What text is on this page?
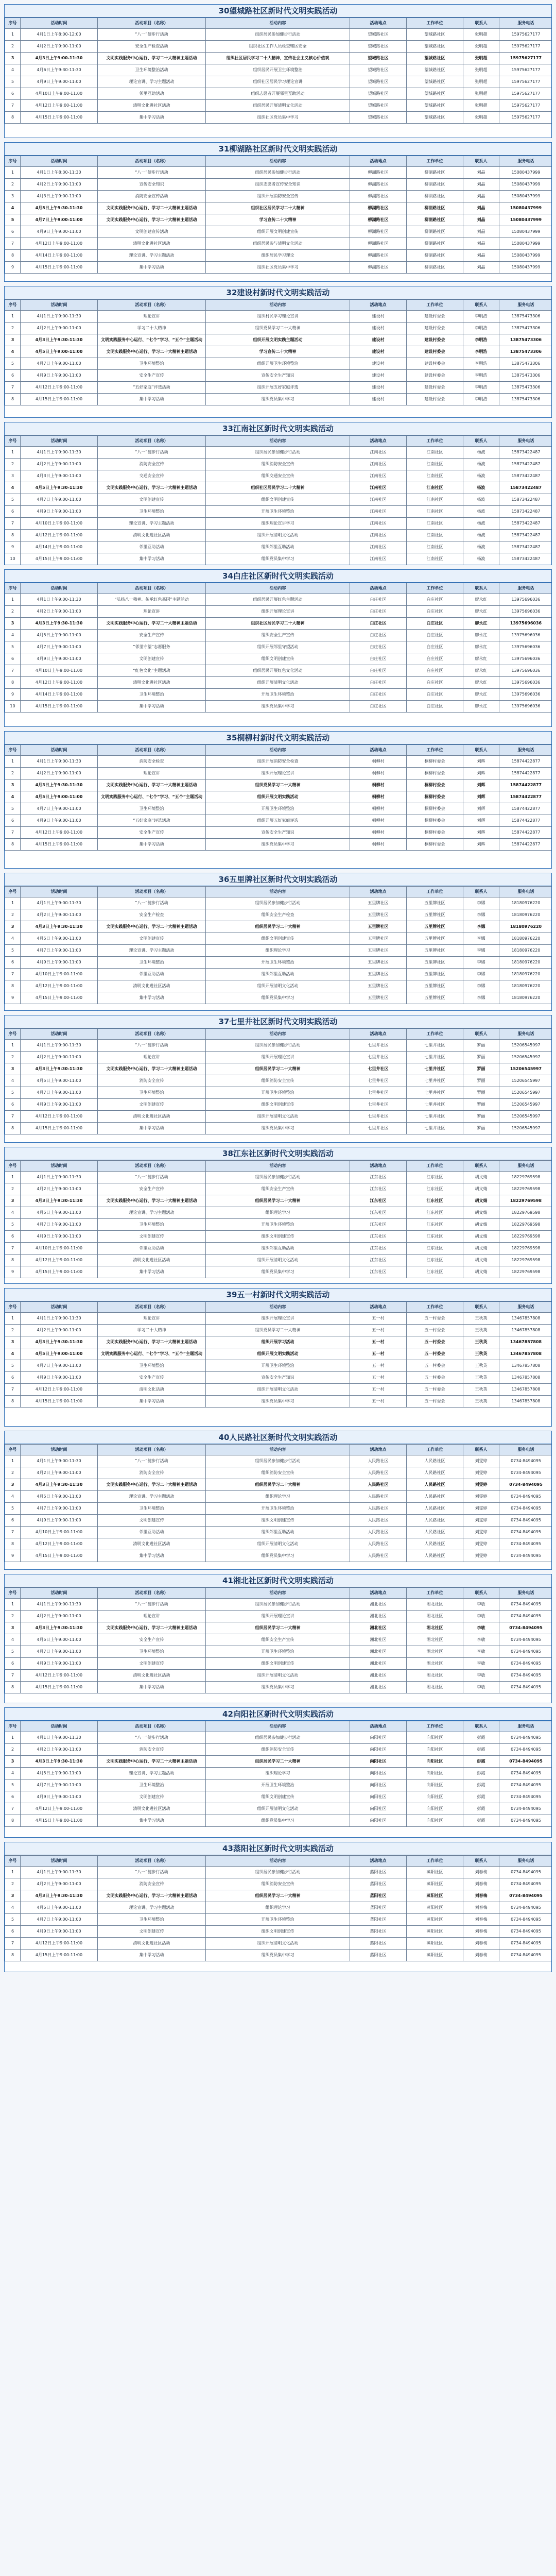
30望城路社区新时代文明实践活动
序号	活动时间	活动项目（名称）	活动内容	活动地点	工作单位	联系人	服务电话
1	4月1日上午8:00-12:00	“八一”健步行活动	组织居民参加健步行活动	望城路社区	望城路社区	张明超	15975627177
2	4月2日上午9:00-11:00	安全生产检查活动	组织社区工作人员检查辖区安全	望城路社区	望城路社区	张明超	15975627177
3	4月3日上午9:00-11:30	文明实践服务中心运行、学习二十大精神主题活动	组织社区居民学习二十大精神，宣传社会主义核心价值观	望城路社区	望城路社区	张明超	15975627177
4	4月6日上午9:30-11:30	卫生环境整治活动	组织居民开展卫生环境整治	望城路社区	望城路社区	张明超	15975627177
5	4月9日上午9:00-11:00	理论宣讲、学习主题活动	组织社区居民学习理论宣讲	望城路社区	望城路社区	张明超	15975627177
6	4月10日上午9:00-11:00	邻里互助活动	组织志愿者开展邻里互助活动	望城路社区	望城路社区	张明超	15975627177
7	4月12日上午9:00-11:00	清明文化进社区活动	组织居民开展清明文化活动	望城路社区	望城路社区	张明超	15975627177
8	4月15日上午9:00-11:00	集中学习活动	组织社区党员集中学习	望城路社区	望城路社区	张明超	15975627177
31柳湖路社区新时代文明实践活动
序号	活动时间	活动项目（名称）	活动内容	活动地点	工作单位	联系人	服务电话
1	4月1日上午8:30-11:30	“八一”健步行活动	组织居民参加健步行活动	柳湖路社区	柳湖路社区	刘晶	15080437999
2	4月2日上午9:00-11:00	宣传安全知识	组织志愿者宣传安全知识	柳湖路社区	柳湖路社区	刘晶	15080437999
3	4月3日上午9:00-11:00	消防安全宣传活动	组织开展消防安全宣传	柳湖路社区	柳湖路社区	刘晶	15080437999
4	4月5日上午9:30-11:30	文明实践服务中心运行、学习二十大精神主题活动	组织社区居民学习二十大精神	柳湖路社区	柳湖路社区	刘晶	15080437999
5	4月7日上午9:00-11:00	文明实践服务中心运行、学习二十大精神主题活动	学习宣传二十大精神	柳湖路社区	柳湖路社区	刘晶	15080437999
6	4月9日上午9:00-11:00	文明创建宣传活动	组织开展文明创建宣传	柳湖路社区	柳湖路社区	刘晶	15080437999
7	4月12日上午9:00-11:00	清明文化进社区活动	组织居民参与清明文化活动	柳湖路社区	柳湖路社区	刘晶	15080437999
8	4月14日上午9:00-11:00	理论宣讲、学习主题活动	组织居民学习理论	柳湖路社区	柳湖路社区	刘晶	15080437999
9	4月15日上午9:00-11:00	集中学习活动	组织社区党员集中学习	柳湖路社区	柳湖路社区	刘晶	15080437999
32建设村新时代文明实践活动
序号	活动时间	活动项目（名称）	活动内容	活动地点	工作单位	联系人	服务电话
1	4月1日上午9:00-11:30	理论宣讲	组织村民学习理论宣讲	建设村	建设村委会	李明浩	13875473306
2	4月2日上午9:00-11:00	学习二十大精神	组织党员学习二十大精神	建设村	建设村委会	李明浩	13875473306
3	4月3日上午9:30-11:30	文明实践服务中心运行、“七个”学习、“五个”主题活动	组织开展文明实践主题活动	建设村	建设村委会	李明浩	13875473306
4	4月5日上午9:00-11:00	文明实践服务中心运行、学习二十大精神主题活动	学习宣传二十大精神	建设村	建设村委会	李明浩	13875473306
5	4月7日上午9:00-11:00	卫生环境整治	组织开展卫生环境整治	建设村	建设村委会	李明浩	13875473306
6	4月9日上午9:00-11:00	安全生产宣传	宣传安全生产知识	建设村	建设村委会	李明浩	13875473306
7	4月12日上午9:00-11:00	“五好家庭”评选活动	组织开展五好家庭评选	建设村	建设村委会	李明浩	13875473306
8	4月15日上午9:00-11:00	集中学习活动	组织党员集中学习	建设村	建设村委会	李明浩	13875473306
33江南社区新时代文明实践活动
序号	活动时间	活动项目（名称）	活动内容	活动地点	工作单位	联系人	服务电话
1	4月1日上午9:00-11:30	“八一”健步行活动	组织居民参加健步行活动	江南社区	江南社区	杨波	15873422487
2	4月2日上午9:00-11:00	消防安全宣传	组织消防安全宣传	江南社区	江南社区	杨波	15873422487
3	4月3日上午9:00-11:00	交通安全宣传	组织交通安全宣传	江南社区	江南社区	杨波	15873422487
4	4月5日上午9:30-11:30	文明实践服务中心运行、学习二十大精神主题活动	组织社区居民学习二十大精神	江南社区	江南社区	杨波	15873422487
5	4月7日上午9:00-11:00	文明创建宣传	组织文明创建宣传	江南社区	江南社区	杨波	15873422487
6	4月9日上午9:00-11:00	卫生环境整治	开展卫生环境整治	江南社区	江南社区	杨波	15873422487
7	4月10日上午9:00-11:00	理论宣讲、学习主题活动	组织理论宣讲学习	江南社区	江南社区	杨波	15873422487
8	4月12日上午9:00-11:00	清明文化进社区活动	组织开展清明文化活动	江南社区	江南社区	杨波	15873422487
9	4月14日上午9:00-11:00	邻里互助活动	组织邻里互助活动	江南社区	江南社区	杨波	15873422487
10	4月15日上午9:00-11:00	集中学习活动	组织党员集中学习	江南社区	江南社区	杨波	15873422487
34白庄社区新时代文明实践活动
序号	活动时间	活动项目（名称）	活动内容	活动地点	工作单位	联系人	服务电话
1	4月1日上午9:00-11:30	“弘扬八一精神、传承红色基因”主题活动	组织居民开展红色主题活动	白庄社区	白庄社区	廖永红	13975696036
2	4月2日上午9:00-11:00	理论宣讲	组织开展理论宣讲	白庄社区	白庄社区	廖永红	13975696036
3	4月3日上午9:30-11:30	文明实践服务中心运行、学习二十大精神主题活动	组织社区居民学习二十大精神	白庄社区	白庄社区	廖永红	13975696036
4	4月5日上午9:00-11:00	安全生产宣传	组织安全生产宣传	白庄社区	白庄社区	廖永红	13975696036
5	4月7日上午9:00-11:00	“邻里守望”志愿服务	组织开展邻里守望活动	白庄社区	白庄社区	廖永红	13975696036
6	4月9日上午9:00-11:00	文明创建宣传	组织文明创建宣传	白庄社区	白庄社区	廖永红	13975696036
7	4月10日上午9:00-11:00	“红色文化”主题活动	组织居民开展红色文化活动	白庄社区	白庄社区	廖永红	13975696036
8	4月12日上午9:00-11:00	清明文化进社区活动	组织开展清明文化活动	白庄社区	白庄社区	廖永红	13975696036
9	4月14日上午9:00-11:00	卫生环境整治	开展卫生环境整治	白庄社区	白庄社区	廖永红	13975696036
10	4月15日上午9:00-11:00	集中学习活动	组织党员集中学习	白庄社区	白庄社区	廖永红	13975696036
35桐柳村新时代文明实践活动
序号	活动时间	活动项目（名称）	活动内容	活动地点	工作单位	联系人	服务电话
1	4月1日上午9:00-11:30	消防安全检查	组织开展消防安全检查	桐柳村	桐柳村委会	刘辉	15874422877
2	4月2日上午9:00-11:00	理论宣讲	组织开展理论宣讲	桐柳村	桐柳村委会	刘辉	15874422877
3	4月3日上午9:30-11:30	文明实践服务中心运行、学习二十大精神主题活动	组织党员学习二十大精神	桐柳村	桐柳村委会	刘辉	15874422877
4	4月5日上午9:00-11:00	文明实践服务中心运行、“七个”学习、“五个”主题活动	组织开展文明实践活动	桐柳村	桐柳村委会	刘辉	15874422877
5	4月7日上午9:00-11:00	卫生环境整治	开展卫生环境整治	桐柳村	桐柳村委会	刘辉	15874422877
6	4月9日上午9:00-11:00	“五好家庭”评选活动	组织开展五好家庭评选	桐柳村	桐柳村委会	刘辉	15874422877
7	4月12日上午9:00-11:00	安全生产宣传	宣传安全生产知识	桐柳村	桐柳村委会	刘辉	15874422877
8	4月15日上午9:00-11:00	集中学习活动	组织党员集中学习	桐柳村	桐柳村委会	刘辉	15874422877
36五里牌社区新时代文明实践活动
序号	活动时间	活动项目（名称）	活动内容	活动地点	工作单位	联系人	服务电话
1	4月1日上午9:00-11:30	“八一”健步行活动	组织居民参加健步行活动	五里牌社区	五里牌社区	李娜	18180976220
2	4月2日上午9:00-11:00	安全生产检查	组织安全生产检查	五里牌社区	五里牌社区	李娜	18180976220
3	4月3日上午9:30-11:30	文明实践服务中心运行、学习二十大精神主题活动	组织居民学习二十大精神	五里牌社区	五里牌社区	李娜	18180976220
4	4月5日上午9:00-11:00	文明创建宣传	组织文明创建宣传	五里牌社区	五里牌社区	李娜	18180976220
5	4月7日上午9:00-11:00	理论宣讲、学习主题活动	组织理论学习	五里牌社区	五里牌社区	李娜	18180976220
6	4月9日上午9:00-11:00	卫生环境整治	开展卫生环境整治	五里牌社区	五里牌社区	李娜	18180976220
7	4月10日上午9:00-11:00	邻里互助活动	组织邻里互助活动	五里牌社区	五里牌社区	李娜	18180976220
8	4月12日上午9:00-11:00	清明文化进社区活动	组织开展清明文化活动	五里牌社区	五里牌社区	李娜	18180976220
9	4月15日上午9:00-11:00	集中学习活动	组织党员集中学习	五里牌社区	五里牌社区	李娜	18180976220
37七里井社区新时代文明实践活动
序号	活动时间	活动项目（名称）	活动内容	活动地点	工作单位	联系人	服务电话
1	4月1日上午9:00-11:30	“八一”健步行活动	组织居民参加健步行活动	七里井社区	七里井社区	罗丽	15206545997
2	4月2日上午9:00-11:00	理论宣讲	组织开展理论宣讲	七里井社区	七里井社区	罗丽	15206545997
3	4月3日上午9:30-11:30	文明实践服务中心运行、学习二十大精神主题活动	组织居民学习二十大精神	七里井社区	七里井社区	罗丽	15206545997
4	4月5日上午9:00-11:00	消防安全宣传	组织消防安全宣传	七里井社区	七里井社区	罗丽	15206545997
5	4月7日上午9:00-11:00	卫生环境整治	开展卫生环境整治	七里井社区	七里井社区	罗丽	15206545997
6	4月9日上午9:00-11:00	文明创建宣传	组织文明创建宣传	七里井社区	七里井社区	罗丽	15206545997
7	4月12日上午9:00-11:00	清明文化进社区活动	组织开展清明文化活动	七里井社区	七里井社区	罗丽	15206545997
8	4月15日上午9:00-11:00	集中学习活动	组织党员集中学习	七里井社区	七里井社区	罗丽	15206545997
38江东社区新时代文明实践活动
序号	活动时间	活动项目（名称）	活动内容	活动地点	工作单位	联系人	服务电话
1	4月1日上午9:00-11:30	“八一”健步行活动	组织居民参加健步行活动	江东社区	江东社区	胡文婧	18229769598
2	4月2日上午9:00-11:00	安全生产宣传	组织安全生产宣传	江东社区	江东社区	胡文婧	18229769598
3	4月3日上午9:30-11:30	文明实践服务中心运行、学习二十大精神主题活动	组织居民学习二十大精神	江东社区	江东社区	胡文婧	18229769598
4	4月5日上午9:00-11:00	理论宣讲、学习主题活动	组织理论学习	江东社区	江东社区	胡文婧	18229769598
5	4月7日上午9:00-11:00	卫生环境整治	开展卫生环境整治	江东社区	江东社区	胡文婧	18229769598
6	4月9日上午9:00-11:00	文明创建宣传	组织文明创建宣传	江东社区	江东社区	胡文婧	18229769598
7	4月10日上午9:00-11:00	邻里互助活动	组织邻里互助活动	江东社区	江东社区	胡文婧	18229769598
8	4月12日上午9:00-11:00	清明文化进社区活动	组织开展清明文化活动	江东社区	江东社区	胡文婧	18229769598
9	4月15日上午9:00-11:00	集中学习活动	组织党员集中学习	江东社区	江东社区	胡文婧	18229769598
39五一村新时代文明实践活动
序号	活动时间	活动项目（名称）	活动内容	活动地点	工作单位	联系人	服务电话
1	4月1日上午9:00-11:30	理论宣讲	组织开展理论宣讲	五一村	五一村委会	王秋英	13467857808
2	4月2日上午9:00-11:00	学习二十大精神	组织党员学习二十大精神	五一村	五一村委会	王秋英	13467857808
3	4月3日上午9:30-11:30	文明实践服务中心运行、学习二十大精神主题活动	组织开展学习活动	五一村	五一村委会	王秋英	13467857808
4	4月5日上午9:00-11:00	文明实践服务中心运行、“七个”学习、“五个”主题活动	组织开展文明实践活动	五一村	五一村委会	王秋英	13467857808
5	4月7日上午9:00-11:00	卫生环境整治	开展卫生环境整治	五一村	五一村委会	王秋英	13467857808
6	4月9日上午9:00-11:00	安全生产宣传	宣传安全生产知识	五一村	五一村委会	王秋英	13467857808
7	4月12日上午9:00-11:00	清明文化活动	组织开展清明文化活动	五一村	五一村委会	王秋英	13467857808
8	4月15日上午9:00-11:00	集中学习活动	组织党员集中学习	五一村	五一村委会	王秋英	13467857808
40人民路社区新时代文明实践活动
序号	活动时间	活动项目（名称）	活动内容	活动地点	工作单位	联系人	服务电话
1	4月1日上午9:00-11:30	“八一”健步行活动	组织居民参加健步行活动	人民路社区	人民路社区	刘雯婷	0734-8494095
2	4月2日上午9:00-11:00	消防安全宣传	组织消防安全宣传	人民路社区	人民路社区	刘雯婷	0734-8494095
3	4月3日上午9:30-11:30	文明实践服务中心运行、学习二十大精神主题活动	组织居民学习二十大精神	人民路社区	人民路社区	刘雯婷	0734-8494095
4	4月5日上午9:00-11:00	理论宣讲、学习主题活动	组织理论学习	人民路社区	人民路社区	刘雯婷	0734-8494095
5	4月7日上午9:00-11:00	卫生环境整治	开展卫生环境整治	人民路社区	人民路社区	刘雯婷	0734-8494095
6	4月9日上午9:00-11:00	文明创建宣传	组织文明创建宣传	人民路社区	人民路社区	刘雯婷	0734-8494095
7	4月10日上午9:00-11:00	邻里互助活动	组织邻里互助活动	人民路社区	人民路社区	刘雯婷	0734-8494095
8	4月12日上午9:00-11:00	清明文化进社区活动	组织开展清明文化活动	人民路社区	人民路社区	刘雯婷	0734-8494095
9	4月15日上午9:00-11:00	集中学习活动	组织党员集中学习	人民路社区	人民路社区	刘雯婷	0734-8494095
41湘北社区新时代文明实践活动
序号	活动时间	活动项目（名称）	活动内容	活动地点	工作单位	联系人	服务电话
1	4月1日上午9:00-11:30	“八一”健步行活动	组织居民参加健步行活动	湘北社区	湘北社区	李敏	0734-8494095
2	4月2日上午9:00-11:00	理论宣讲	组织开展理论宣讲	湘北社区	湘北社区	李敏	0734-8494095
3	4月3日上午9:30-11:30	文明实践服务中心运行、学习二十大精神主题活动	组织居民学习二十大精神	湘北社区	湘北社区	李敏	0734-8494095
4	4月5日上午9:00-11:00	安全生产宣传	组织安全生产宣传	湘北社区	湘北社区	李敏	0734-8494095
5	4月7日上午9:00-11:00	卫生环境整治	开展卫生环境整治	湘北社区	湘北社区	李敏	0734-8494095
6	4月9日上午9:00-11:00	文明创建宣传	组织文明创建宣传	湘北社区	湘北社区	李敏	0734-8494095
7	4月12日上午9:00-11:00	清明文化进社区活动	组织开展清明文化活动	湘北社区	湘北社区	李敏	0734-8494095
8	4月15日上午9:00-11:00	集中学习活动	组织党员集中学习	湘北社区	湘北社区	李敏	0734-8494095
42向阳社区新时代文明实践活动
序号	活动时间	活动项目（名称）	活动内容	活动地点	工作单位	联系人	服务电话
1	4月1日上午9:00-11:30	“八一”健步行活动	组织居民参加健步行活动	向阳社区	向阳社区	彭霞	0734-8494095
2	4月2日上午9:00-11:00	消防安全宣传	组织消防安全宣传	向阳社区	向阳社区	彭霞	0734-8494095
3	4月3日上午9:30-11:30	文明实践服务中心运行、学习二十大精神主题活动	组织居民学习二十大精神	向阳社区	向阳社区	彭霞	0734-8494095
4	4月5日上午9:00-11:00	理论宣讲、学习主题活动	组织理论学习	向阳社区	向阳社区	彭霞	0734-8494095
5	4月7日上午9:00-11:00	卫生环境整治	开展卫生环境整治	向阳社区	向阳社区	彭霞	0734-8494095
6	4月9日上午9:00-11:00	文明创建宣传	组织文明创建宣传	向阳社区	向阳社区	彭霞	0734-8494095
7	4月12日上午9:00-11:00	清明文化进社区活动	组织开展清明文化活动	向阳社区	向阳社区	彭霞	0734-8494095
8	4月15日上午9:00-11:00	集中学习活动	组织党员集中学习	向阳社区	向阳社区	彭霞	0734-8494095
43蒸阳社区新时代文明实践活动
序号	活动时间	活动项目（名称）	活动内容	活动地点	工作单位	联系人	服务电话
1	4月1日上午9:00-11:30	“八一”健步行活动	组织居民参加健步行活动	蒸阳社区	蒸阳社区	刘春梅	0734-8494095
2	4月2日上午9:00-11:00	消防安全宣传	组织消防安全宣传	蒸阳社区	蒸阳社区	刘春梅	0734-8494095
3	4月3日上午9:30-11:30	文明实践服务中心运行、学习二十大精神主题活动	组织居民学习二十大精神	蒸阳社区	蒸阳社区	刘春梅	0734-8494095
4	4月5日上午9:00-11:00	理论宣讲、学习主题活动	组织理论学习	蒸阳社区	蒸阳社区	刘春梅	0734-8494095
5	4月7日上午9:00-11:00	卫生环境整治	开展卫生环境整治	蒸阳社区	蒸阳社区	刘春梅	0734-8494095
6	4月9日上午9:00-11:00	文明创建宣传	组织文明创建宣传	蒸阳社区	蒸阳社区	刘春梅	0734-8494095
7	4月12日上午9:00-11:00	清明文化进社区活动	组织开展清明文化活动	蒸阳社区	蒸阳社区	刘春梅	0734-8494095
8	4月15日上午9:00-11:00	集中学习活动	组织党员集中学习	蒸阳社区	蒸阳社区	刘春梅	0734-8494095
